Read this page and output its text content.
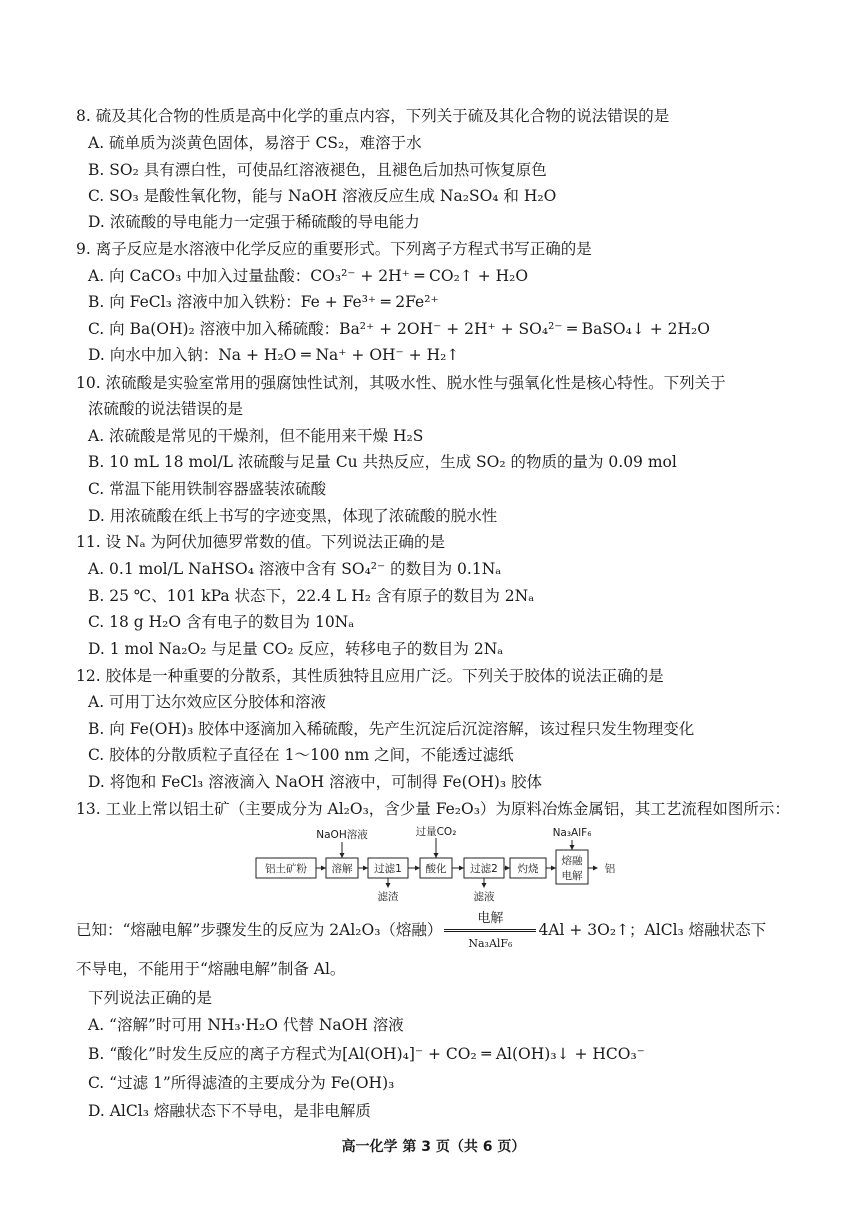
8. 硫及其化合物的性质是高中化学的重点内容，下列关于硫及其化合物的说法错误的是
A. 硫单质为淡黄色固体，易溶于 CS₂，难溶于水
B. SO₂ 具有漂白性，可使品红溶液褪色，且褪色后加热可恢复原色
C. SO₃ 是酸性氧化物，能与 NaOH 溶液反应生成 Na₂SO₄ 和 H₂O
D. 浓硫酸的导电能力一定强于稀硫酸的导电能力
9. 离子反应是水溶液中化学反应的重要形式。下列离子方程式书写正确的是
A. 向 CaCO₃ 中加入过量盐酸：CO₃²⁻ + 2H⁺ ═ CO₂↑ + H₂O
B. 向 FeCl₃ 溶液中加入铁粉：Fe + Fe³⁺ ═ 2Fe²⁺
C. 向 Ba(OH)₂ 溶液中加入稀硫酸：Ba²⁺ + 2OH⁻ + 2H⁺ + SO₄²⁻ ═ BaSO₄↓ + 2H₂O
D. 向水中加入钠：Na + H₂O ═ Na⁺ + OH⁻ + H₂↑
10. 浓硫酸是实验室常用的强腐蚀性试剂，其吸水性、脱水性与强氧化性是核心特性。下列关于
浓硫酸的说法错误的是
A. 浓硫酸是常见的干燥剂，但不能用来干燥 H₂S
B. 10 mL 18 mol/L 浓硫酸与足量 Cu 共热反应，生成 SO₂ 的物质的量为 0.09 mol
C. 常温下能用铁制容器盛装浓硫酸
D. 用浓硫酸在纸上书写的字迹变黑，体现了浓硫酸的脱水性
11. 设 Nₐ 为阿伏加德罗常数的值。下列说法正确的是
A. 0.1 mol/L NaHSO₄ 溶液中含有 SO₄²⁻ 的数目为 0.1Nₐ
B. 25 ℃、101 kPa 状态下，22.4 L H₂ 含有原子的数目为 2Nₐ
C. 18 g H₂O 含有电子的数目为 10Nₐ
D. 1 mol Na₂O₂ 与足量 CO₂ 反应，转移电子的数目为 2Nₐ
12. 胶体是一种重要的分散系，其性质独特且应用广泛。下列关于胶体的说法正确的是
A. 可用丁达尔效应区分胶体和溶液
B. 向 Fe(OH)₃ 胶体中逐滴加入稀硫酸，先产生沉淀后沉淀溶解，该过程只发生物理变化
C. 胶体的分散质粒子直径在 1～100 nm 之间，不能透过滤纸
D. 将饱和 FeCl₃ 溶液滴入 NaOH 溶液中，可制得 Fe(OH)₃ 胶体
13. 工业上常以铝土矿（主要成分为 Al₂O₃，含少量 Fe₂O₃）为原料冶炼金属铝，其工艺流程如图所示：
铝土矿粉 溶解 过滤1 酸化 过滤2 灼烧
熔融
电解
NaOH溶液	过量CO₂	Na₃AlF₆
滤渣	滤液
铝
已知：“熔融电解”步骤发生的反应为 2Al₂O₃（熔融）
电解
Na₃AlF₆
4Al + 3O₂↑；AlCl₃ 熔融状态下
不导电，不能用于“熔融电解”制备 Al。
下列说法正确的是
A. “溶解”时可用 NH₃·H₂O 代替 NaOH 溶液
B. “酸化”时发生反应的离子方程式为[Al(OH)₄]⁻ + CO₂ ═ Al(OH)₃↓ + HCO₃⁻
C. “过滤 1”所得滤渣的主要成分为 Fe(OH)₃
D. AlCl₃ 熔融状态下不导电，是非电解质
高一化学 第 3 页（共 6 页）
